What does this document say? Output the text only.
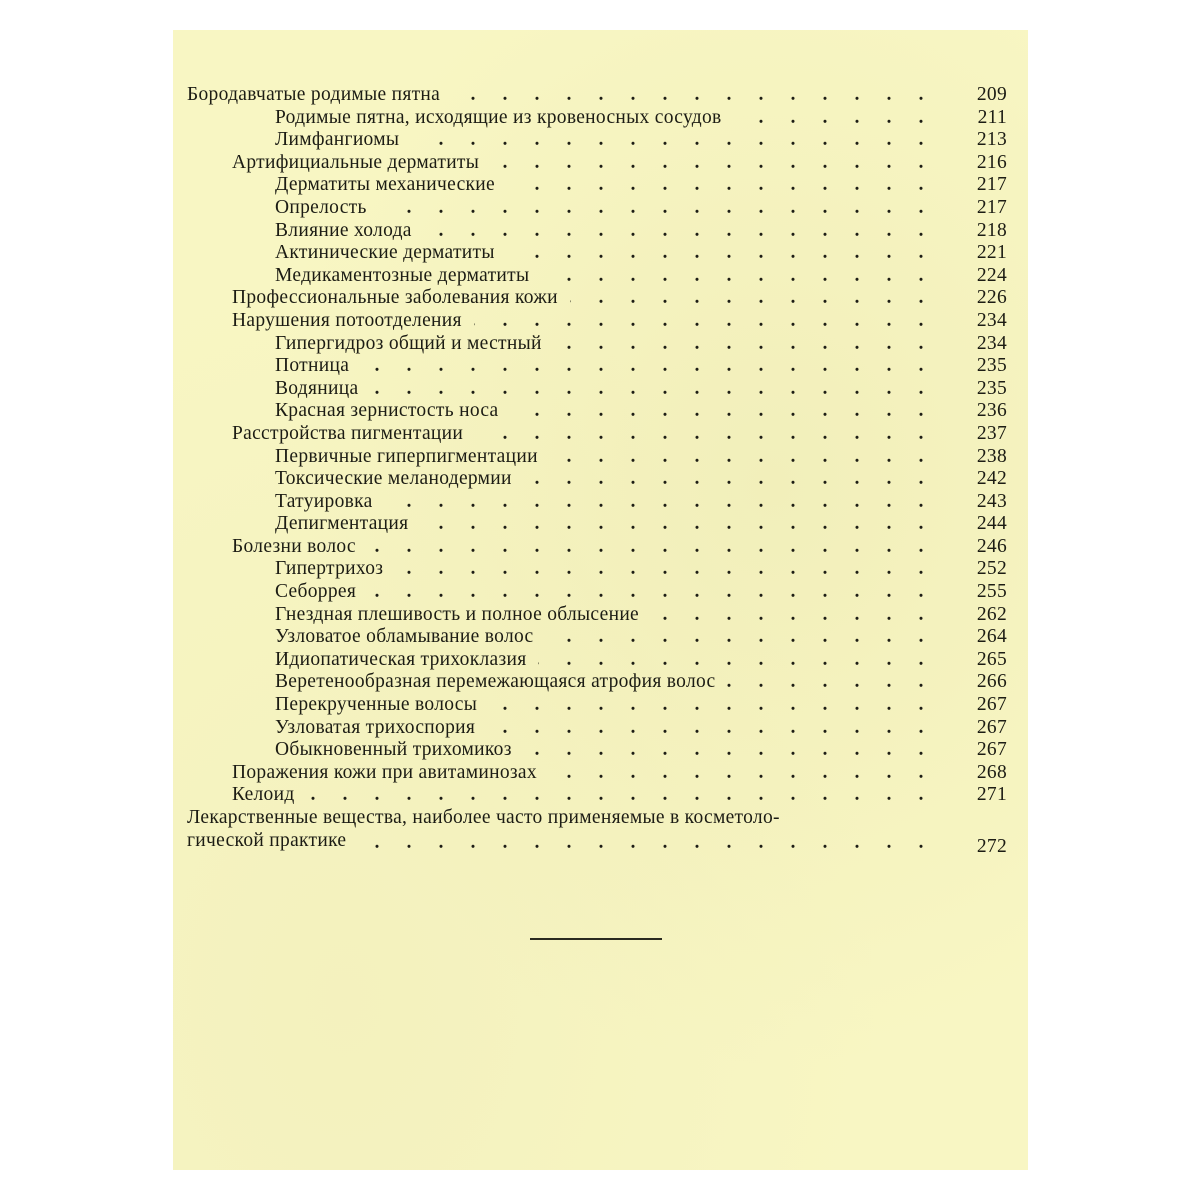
Бородавчатые родимые пятна	209
Родимые пятна, исходящие из кровеносных сосудов	211
Лимфангиомы	213
Артифициальные дерматиты	216
Дерматиты механические	217
Опрелость	217
Влияние холода	218
Актинические дерматиты	221
Медикаментозные дерматиты	224
Профессиональные заболевания кожи	226
Нарушения потоотделения	234
Гипергидроз общий и местный	234
Потница	235
Водяница	235
Красная зернистость носа	236
Расстройства пигментации	237
Первичные гиперпигментации	238
Токсические меланодермии	242
Татуировка	243
Депигментация	244
Болезни волос	246
Гипертрихоз	252
Себоррея	255
Гнездная плешивость и полное облысение	262
Узловатое обламывание волос	264
Идиопатическая трихоклазия	265
Веретенообразная перемежающаяся атрофия волос	266
Перекрученные волосы	267
Узловатая трихоспория	267
Обыкновенный трихомикоз	267
Поражения кожи при авитаминозах	268
Келоид	271
Лекарственные вещества, наиболее часто применяемые в косметоло-
гической практике	272
